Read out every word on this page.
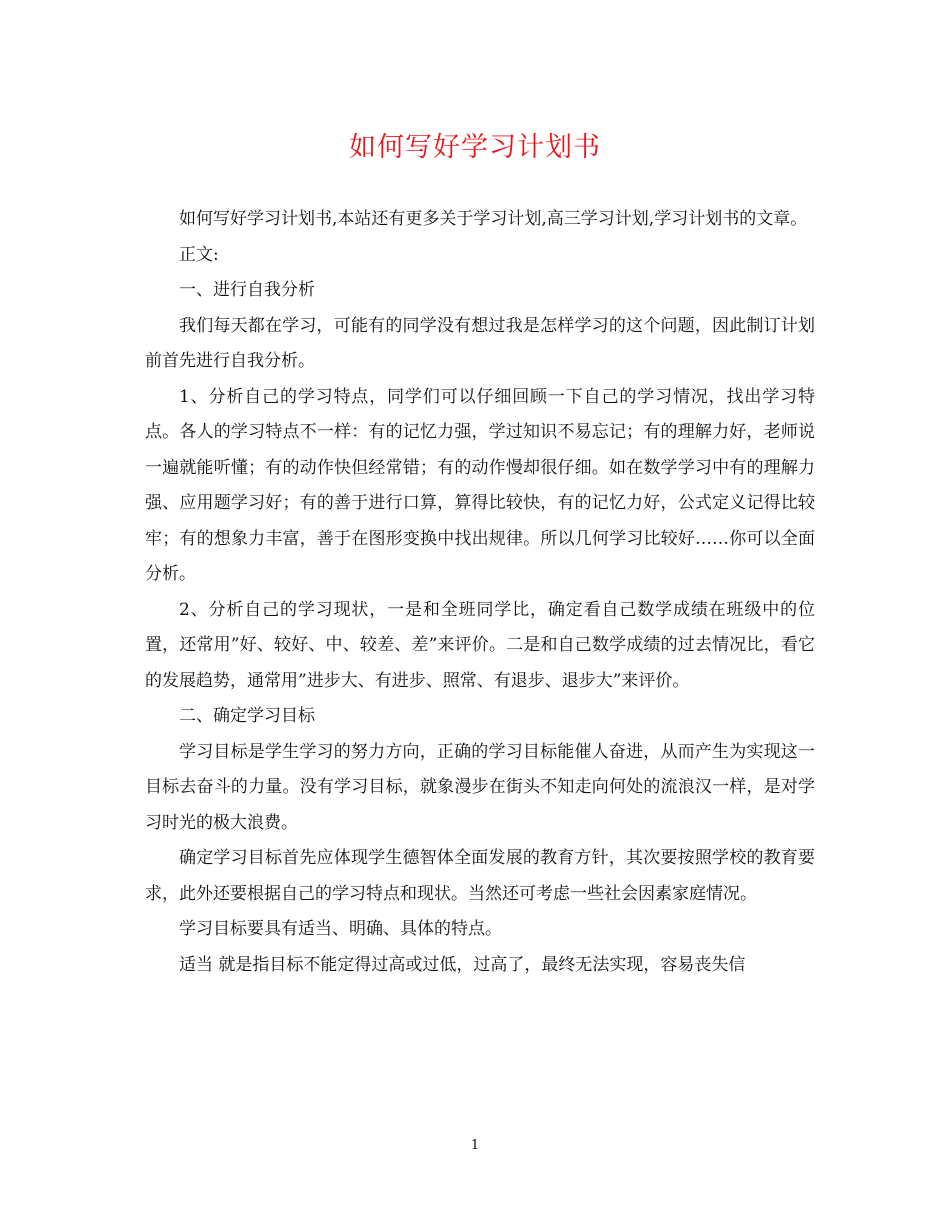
如何写好学习计划书

如何写好学习计划书,本站还有更多关于学习计划,高三学习计划,学习计划书的文章。

正文:

一、进行自我分析

我们每天都在学习，可能有的同学没有想过我是怎样学习的这个问题，因此制订计划前首先进行自我分析。

1、分析自己的学习特点，同学们可以仔细回顾一下自己的学习情况，找出学习特点。各人的学习特点不一样：有的记忆力强，学过知识不易忘记；有的理解力好，老师说一遍就能听懂；有的动作快但经常错；有的动作慢却很仔细。如在数学学习中有的理解力强、应用题学习好；有的善于进行口算，算得比较快，有的记忆力好，公式定义记得比较牢；有的想象力丰富，善于在图形变换中找出规律。所以几何学习比较好……你可以全面分析。

2、分析自己的学习现状，一是和全班同学比，确定看自己数学成绩在班级中的位置，还常用”好、较好、中、较差、差”来评价。二是和自己数学成绩的过去情况比，看它的发展趋势，通常用”进步大、有进步、照常、有退步、退步大”来评价。

二、确定学习目标

学习目标是学生学习的努力方向，正确的学习目标能催人奋进，从而产生为实现这一目标去奋斗的力量。没有学习目标，就象漫步在街头不知走向何处的流浪汉一样，是对学习时光的极大浪费。

确定学习目标首先应体现学生德智体全面发展的教育方针，其次要按照学校的教育要求，此外还要根据自己的学习特点和现状。当然还可考虑一些社会因素家庭情况。

学习目标要具有适当、明确、具体的特点。

适当 就是指目标不能定得过高或过低，过高了，最终无法实现，容易丧失信

1
